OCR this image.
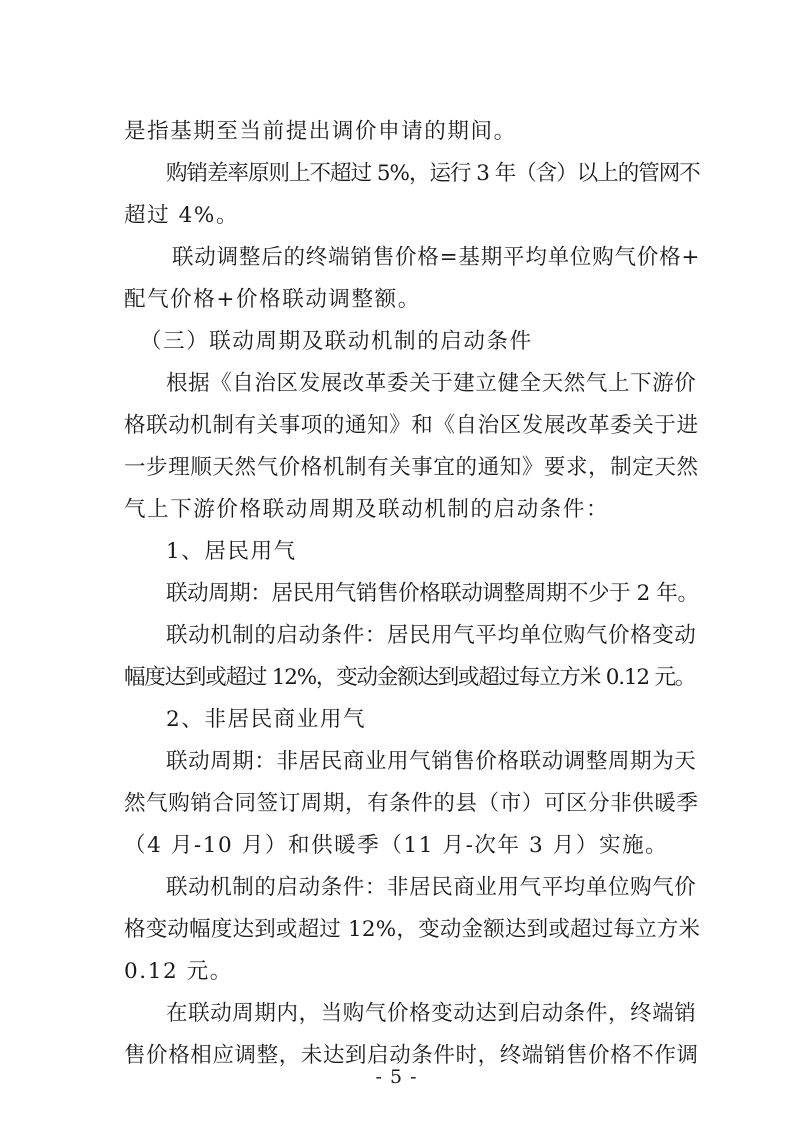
是指基期至当前提出调价申请的期间。
购销差率原则上不超过 5%，运行 3 年（含）以上的管网不
超过 4%。
联动调整后的终端销售价格=基期平均单位购气价格+
配气价格+价格联动调整额。
（三）联动周期及联动机制的启动条件
根据《自治区发展改革委关于建立健全天然气上下游价
格联动机制有关事项的通知》和《自治区发展改革委关于进
一步理顺天然气价格机制有关事宜的通知》要求，制定天然
气上下游价格联动周期及联动机制的启动条件：
1、居民用气
联动周期：居民用气销售价格联动调整周期不少于 2 年。
联动机制的启动条件：居民用气平均单位购气价格变动
幅度达到或超过 12%，变动金额达到或超过每立方米 0.12 元。
2、非居民商业用气
联动周期：非居民商业用气销售价格联动调整周期为天
然气购销合同签订周期，有条件的县（市）可区分非供暖季
（4 月-10 月）和供暖季（11 月-次年 3 月）实施。
联动机制的启动条件：非居民商业用气平均单位购气价
格变动幅度达到或超过 12%，变动金额达到或超过每立方米
0.12 元。
在联动周期内，当购气价格变动达到启动条件，终端销
售价格相应调整，未达到启动条件时，终端销售价格不作调
- 5 -
